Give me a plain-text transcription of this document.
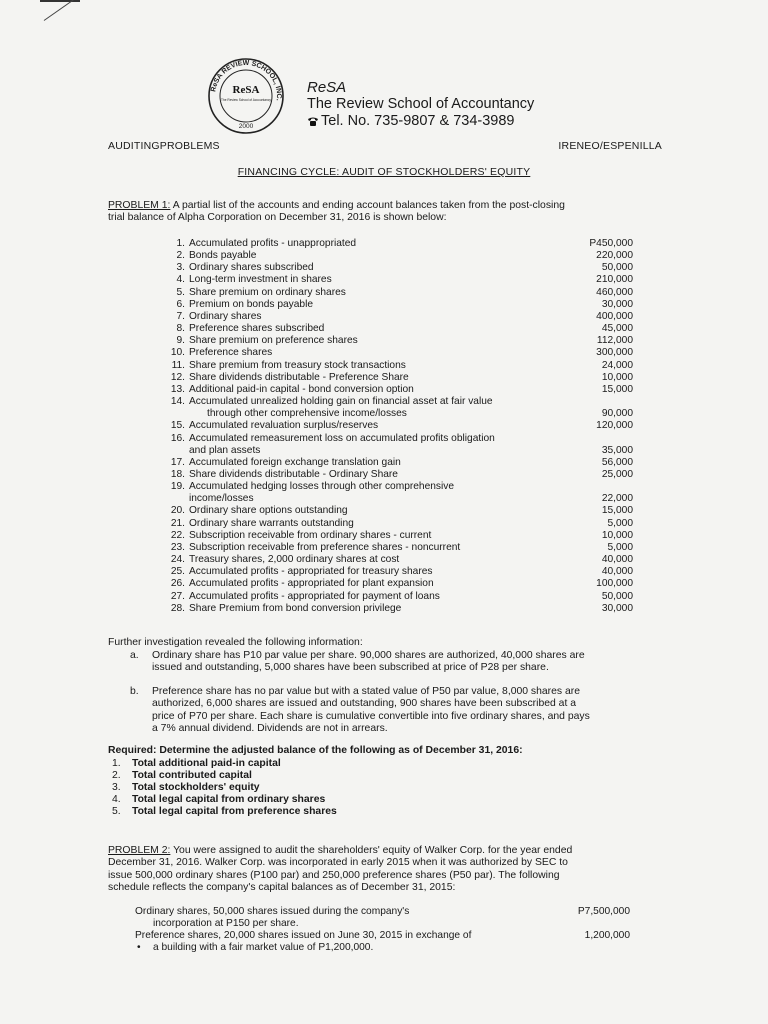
ReSA REVIEW SCHOOL, INC.
ReSA
The Review School of Accountancy
2000
ReSA
The Review School of Accountancy
Tel. No. 735-9807 & 734-3989
AUDITINGPROBLEMS	IRENEO/ESPENILLA
FINANCING CYCLE: AUDIT OF STOCKHOLDERS' EQUITY
PROBLEM 1: A partial list of the accounts and ending account balances taken from the post-closing
trial balance of Alpha Corporation on December 31, 2016 is shown below:
1. Accumulated profits - unappropriated	P450,000
2. Bonds payable	220,000
3. Ordinary shares subscribed	50,000
4. Long-term investment in shares	210,000
5. Share premium on ordinary shares	460,000
6. Premium on bonds payable	30,000
7. Ordinary shares	400,000
8. Preference shares subscribed	45,000
9. Share premium on preference shares	112,000
10. Preference shares	300,000
11. Share premium from treasury stock transactions	24,000
12. Share dividends distributable - Preference Share	10,000
13. Additional paid-in capital - bond conversion option	15,000
14. Accumulated unrealized holding gain on financial asset at fair value
through other comprehensive income/losses	90,000
15. Accumulated revaluation surplus/reserves	120,000
16. Accumulated remeasurement loss on accumulated profits obligation
and plan assets	35,000
17. Accumulated foreign exchange translation gain	56,000
18. Share dividends distributable - Ordinary Share	25,000
19. Accumulated hedging losses through other comprehensive
income/losses	22,000
20. Ordinary share options outstanding	15,000
21. Ordinary share warrants outstanding	5,000
22. Subscription receivable from ordinary shares - current	10,000
23. Subscription receivable from preference shares - noncurrent	5,000
24. Treasury shares, 2,000 ordinary shares at cost	40,000
25. Accumulated profits - appropriated for treasury shares	40,000
26. Accumulated profits - appropriated for plant expansion	100,000
27. Accumulated profits - appropriated for payment of loans	50,000
28. Share Premium from bond conversion privilege	30,000
Further investigation revealed the following information:
a.	Ordinary share has P10 par value per share. 90,000 shares are authorized, 40,000 shares are
issued and outstanding, 5,000 shares have been subscribed at price of P28 per share.
b.	Preference share has no par value but with a stated value of P50 par value, 8,000 shares are
authorized, 6,000 shares are issued and outstanding, 900 shares have been subscribed at a
price of P70 per share. Each share is cumulative convertible into five ordinary shares, and pays
a 7% annual dividend. Dividends are not in arrears.
Required: Determine the adjusted balance of the following as of December 31, 2016:
1.	Total additional paid-in capital
2.	Total contributed capital
3.	Total stockholders' equity
4.	Total legal capital from ordinary shares
5.	Total legal capital from preference shares
PROBLEM 2: You were assigned to audit the shareholders' equity of Walker Corp. for the year ended
December 31, 2016. Walker Corp. was incorporated in early 2015 when it was authorized by SEC to
issue 500,000 ordinary shares (P100 par) and 250,000 preference shares (P50 par). The following
schedule reflects the company's capital balances as of December 31, 2015:
Ordinary shares, 50,000 shares issued during the company's
incorporation at P150 per share.
P7,500,000
Preference shares, 20,000 shares issued on June 30, 2015 in exchange of
• a building with a fair market value of P1,200,000.
1,200,000
